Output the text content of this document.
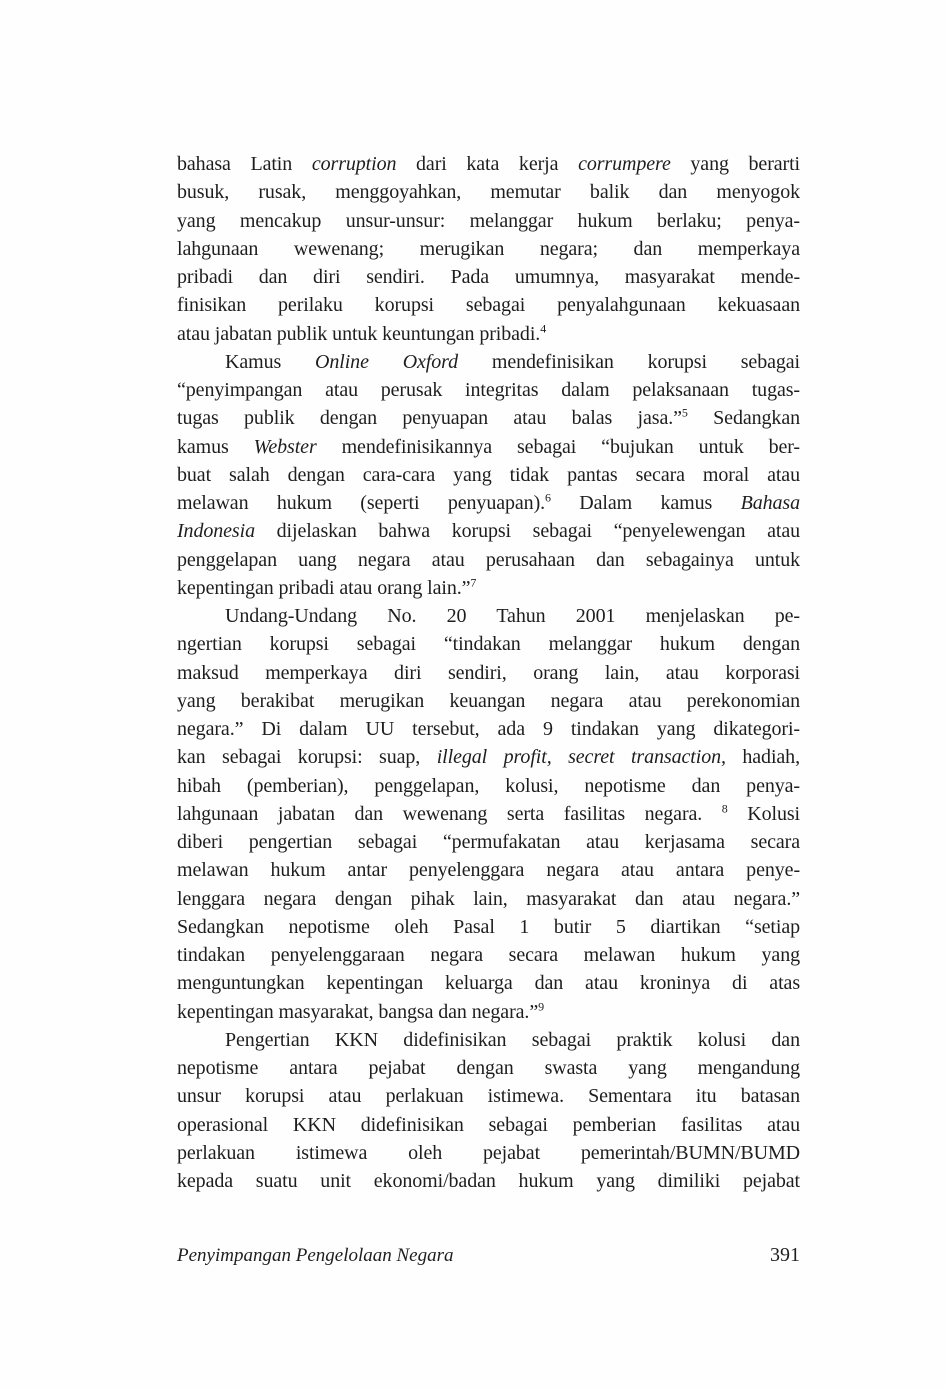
bahasa Latin corruption dari kata kerja corrumpere yang berarti
busuk, rusak, menggoyahkan, memutar balik dan menyogok
yang mencakup unsur-unsur: melanggar hukum berlaku; penya-
lahgunaan wewenang; merugikan negara; dan memperkaya
pribadi dan diri sendiri. Pada umumnya, masyarakat mende-
finisikan perilaku korupsi sebagai penyalahgunaan kekuasaan
atau jabatan publik untuk keuntungan pribadi.$^4$
Kamus Online Oxford mendefinisikan korupsi sebagai
“penyimpangan atau perusak integritas dalam pelaksanaan tugas-
tugas publik dengan penyuapan atau balas jasa.”$^5$ Sedangkan
kamus Webster mendefinisikannya sebagai “bujukan untuk ber-
buat salah dengan cara-cara yang tidak pantas secara moral atau
melawan hukum (seperti penyuapan).$^6$ Dalam kamus Bahasa
Indonesia dijelaskan bahwa korupsi sebagai “penyelewengan atau
penggelapan uang negara atau perusahaan dan sebagainya untuk
kepentingan pribadi atau orang lain.”$^7$
Undang-Undang No. 20 Tahun 2001 menjelaskan pe-
ngertian korupsi sebagai “tindakan melanggar hukum dengan
maksud memperkaya diri sendiri, orang lain, atau korporasi
yang berakibat merugikan keuangan negara atau perekonomian
negara.” Di dalam UU tersebut, ada 9 tindakan yang dikategori-
kan sebagai korupsi: suap, illegal profit, secret transaction, hadiah,
hibah (pemberian), penggelapan, kolusi, nepotisme dan penya-
lahgunaan jabatan dan wewenang serta fasilitas negara. $^8$ Kolusi
diberi pengertian sebagai “permufakatan atau kerjasama secara
melawan hukum antar penyelenggara negara atau antara penye-
lenggara negara dengan pihak lain, masyarakat dan atau negara.”
Sedangkan nepotisme oleh Pasal 1 butir 5 diartikan “setiap
tindakan penyelenggaraan negara secara melawan hukum yang
menguntungkan kepentingan keluarga dan atau kroninya di atas
kepentingan masyarakat, bangsa dan negara.”$^9$
Pengertian KKN didefinisikan sebagai praktik kolusi dan
nepotisme antara pejabat dengan swasta yang mengandung
unsur korupsi atau perlakuan istimewa. Sementara itu batasan
operasional KKN didefinisikan sebagai pemberian fasilitas atau
perlakuan istimewa oleh pejabat pemerintah/BUMN/BUMD
kepada suatu unit ekonomi/badan hukum yang dimiliki pejabat
Penyimpangan Pengelolaan Negara	391
